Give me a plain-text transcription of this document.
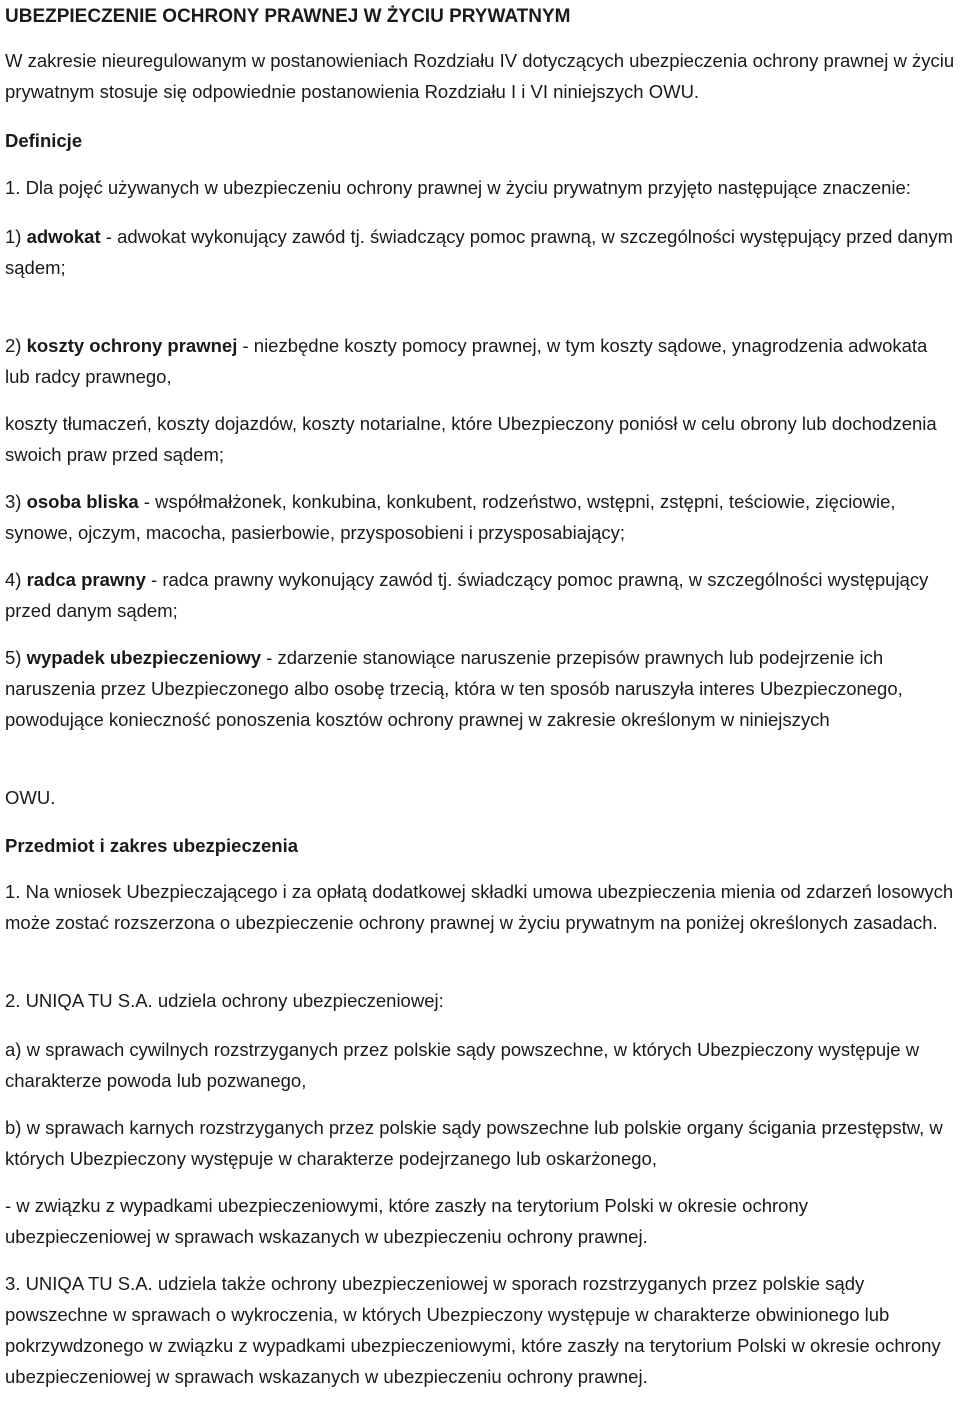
UBEZPIECZENIE OCHRONY PRAWNEJ W ŻYCIU PRYWATNYM

W zakresie nieuregulowanym w postanowieniach Rozdziału IV dotyczących ubezpieczenia ochrony prawnej w życiu prywatnym stosuje się odpowiednie postanowienia Rozdziału I i VI niniejszych OWU.

Definicje

1. Dla pojęć używanych w ubezpieczeniu ochrony prawnej w życiu prywatnym przyjęto następujące znaczenie:

1) adwokat - adwokat wykonujący zawód tj. świadczący pomoc prawną, w szczególności występujący przed danym sądem;

2) koszty ochrony prawnej - niezbędne koszty pomocy prawnej, w tym koszty sądowe, ynagrodzenia adwokata lub radcy prawnego,

koszty tłumaczeń, koszty dojazdów, koszty notarialne, które Ubezpieczony poniósł w celu obrony lub dochodzenia swoich praw przed sądem;

3) osoba bliska - współmałżonek, konkubina, konkubent, rodzeństwo, wstępni, zstępni, teściowie, zięciowie, synowe, ojczym, macocha, pasierbowie, przysposobieni i przysposabiający;

4) radca prawny - radca prawny wykonujący zawód tj. świadczący pomoc prawną, w szczególności występujący przed danym sądem;

5) wypadek ubezpieczeniowy - zdarzenie stanowiące naruszenie przepisów prawnych lub podejrzenie ich naruszenia przez Ubezpieczonego albo osobę trzecią, która w ten sposób naruszyła interes Ubezpieczonego, powodujące konieczność ponoszenia kosztów ochrony prawnej w zakresie określonym w niniejszych

OWU.

Przedmiot i zakres ubezpieczenia

1. Na wniosek Ubezpieczającego i za opłatą dodatkowej składki umowa ubezpieczenia mienia od zdarzeń losowych może zostać rozszerzona o ubezpieczenie ochrony prawnej w życiu prywatnym na poniżej określonych zasadach.

2. UNIQA TU S.A. udziela ochrony ubezpieczeniowej:

a) w sprawach cywilnych rozstrzyganych przez polskie sądy powszechne, w których Ubezpieczony występuje w charakterze powoda lub pozwanego,

b) w sprawach karnych rozstrzyganych przez polskie sądy powszechne lub polskie organy ścigania przestępstw, w których Ubezpieczony występuje w charakterze podejrzanego lub oskarżonego,

- w związku z wypadkami ubezpieczeniowymi, które zaszły na terytorium Polski w okresie ochrony ubezpieczeniowej w sprawach wskazanych w ubezpieczeniu ochrony prawnej.

3. UNIQA TU S.A. udziela także ochrony ubezpieczeniowej w sporach rozstrzyganych przez polskie sądy powszechne w sprawach o wykroczenia, w których Ubezpieczony występuje w charakterze obwinionego lub pokrzywdzonego w związku z wypadkami ubezpieczeniowymi, które zaszły na terytorium Polski w okresie ochrony ubezpieczeniowej w sprawach wskazanych w ubezpieczeniu ochrony prawnej.
